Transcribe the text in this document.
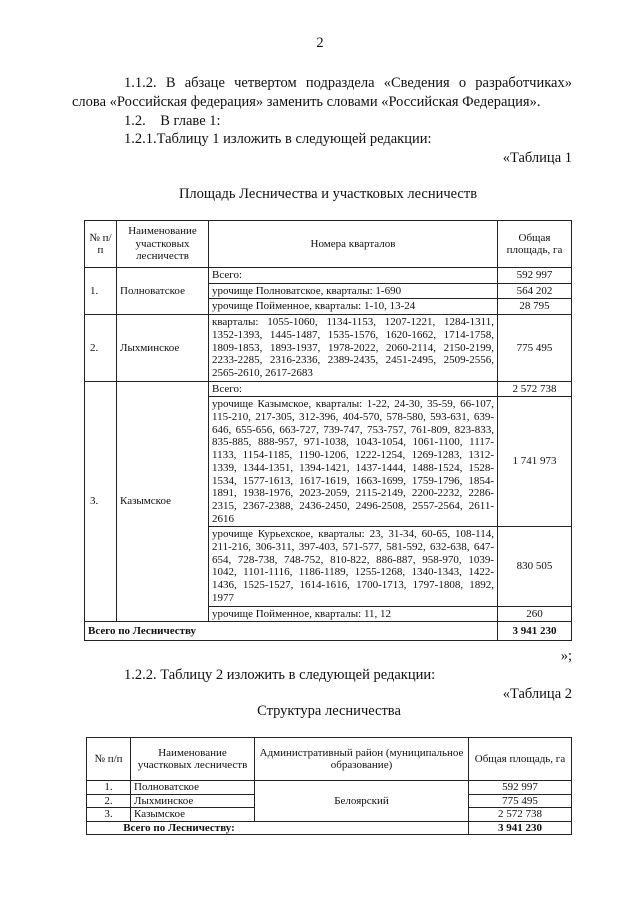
2
1.1.2. В абзаце четвертом подраздела «Сведения о разработчиках»
слова «Российская федерация» заменить словами «Российская Федерация».
1.2.    В главе 1:
1.2.1.Таблицу 1 изложить в следующей редакции:
«Таблица 1
Площадь Лесничества и участковых лесничеств
№ п/п	Наименование участковых лесничеств	Номера кварталов	Общая площадь, га
1.	Полноватское	Всего:	592 997
		урочище Полноватское, кварталы: 1-690	564 202
		урочище Пойменное, кварталы: 1-10, 13-24	28 795
2.	Лыхминское	кварталы: 1055-1060, 1134-1153, 1207-1221, 1284-1311, 1352-1393, 1445-1487, 1535-1576, 1620-1662, 1714-1758, 1809-1853, 1893-1937, 1978-2022, 2060-2114, 2150-2199, 2233-2285, 2316-2336, 2389-2435, 2451-2495, 2509-2556, 2565-2610, 2617-2683	775 495
3.	Казымское	Всего:	2 572 738
		урочище Казымское, кварталы: 1-22, 24-30, 35-59, 66-107, 115-210, 217-305, 312-396, 404-570, 578-580, 593-631, 639-646, 655-656, 663-727, 739-747, 753-757, 761-809, 823-833, 835-885, 888-957, 971-1038, 1043-1054, 1061-1100, 1117-1133, 1154-1185, 1190-1206, 1222-1254, 1269-1283, 1312-1339, 1344-1351, 1394-1421, 1437-1444, 1488-1524, 1528-1534, 1577-1613, 1617-1619, 1663-1699, 1759-1796, 1854-1891, 1938-1976, 2023-2059, 2115-2149, 2200-2232, 2286-2315, 2367-2388, 2436-2450, 2496-2508, 2557-2564, 2611-2616	1 741 973
		урочище Курьехское, кварталы: 23, 31-34, 60-65, 108-114, 211-216, 306-311, 397-403, 571-577, 581-592, 632-638, 647-654, 728-738, 748-752, 810-822, 886-887, 958-970, 1039-1042, 1101-1116, 1186-1189, 1255-1268, 1340-1343, 1422-1436, 1525-1527, 1614-1616, 1700-1713, 1797-1808, 1892, 1977	830 505
		урочище Пойменное, кварталы: 11, 12	260
Всего по Лесничеству			3 941 230
»;
1.2.2. Таблицу 2 изложить в следующей редакции:
«Таблица 2
Структура лесничества
№ п/п	Наименование участковых лесничеств	Административный район (муниципальное образование)	Общая площадь, га
1.	Полноватское	Белоярский	592 997
2.	Лыхминское		775 495
3.	Казымское		2 572 738
Всего по Лесничеству:			3 941 230
